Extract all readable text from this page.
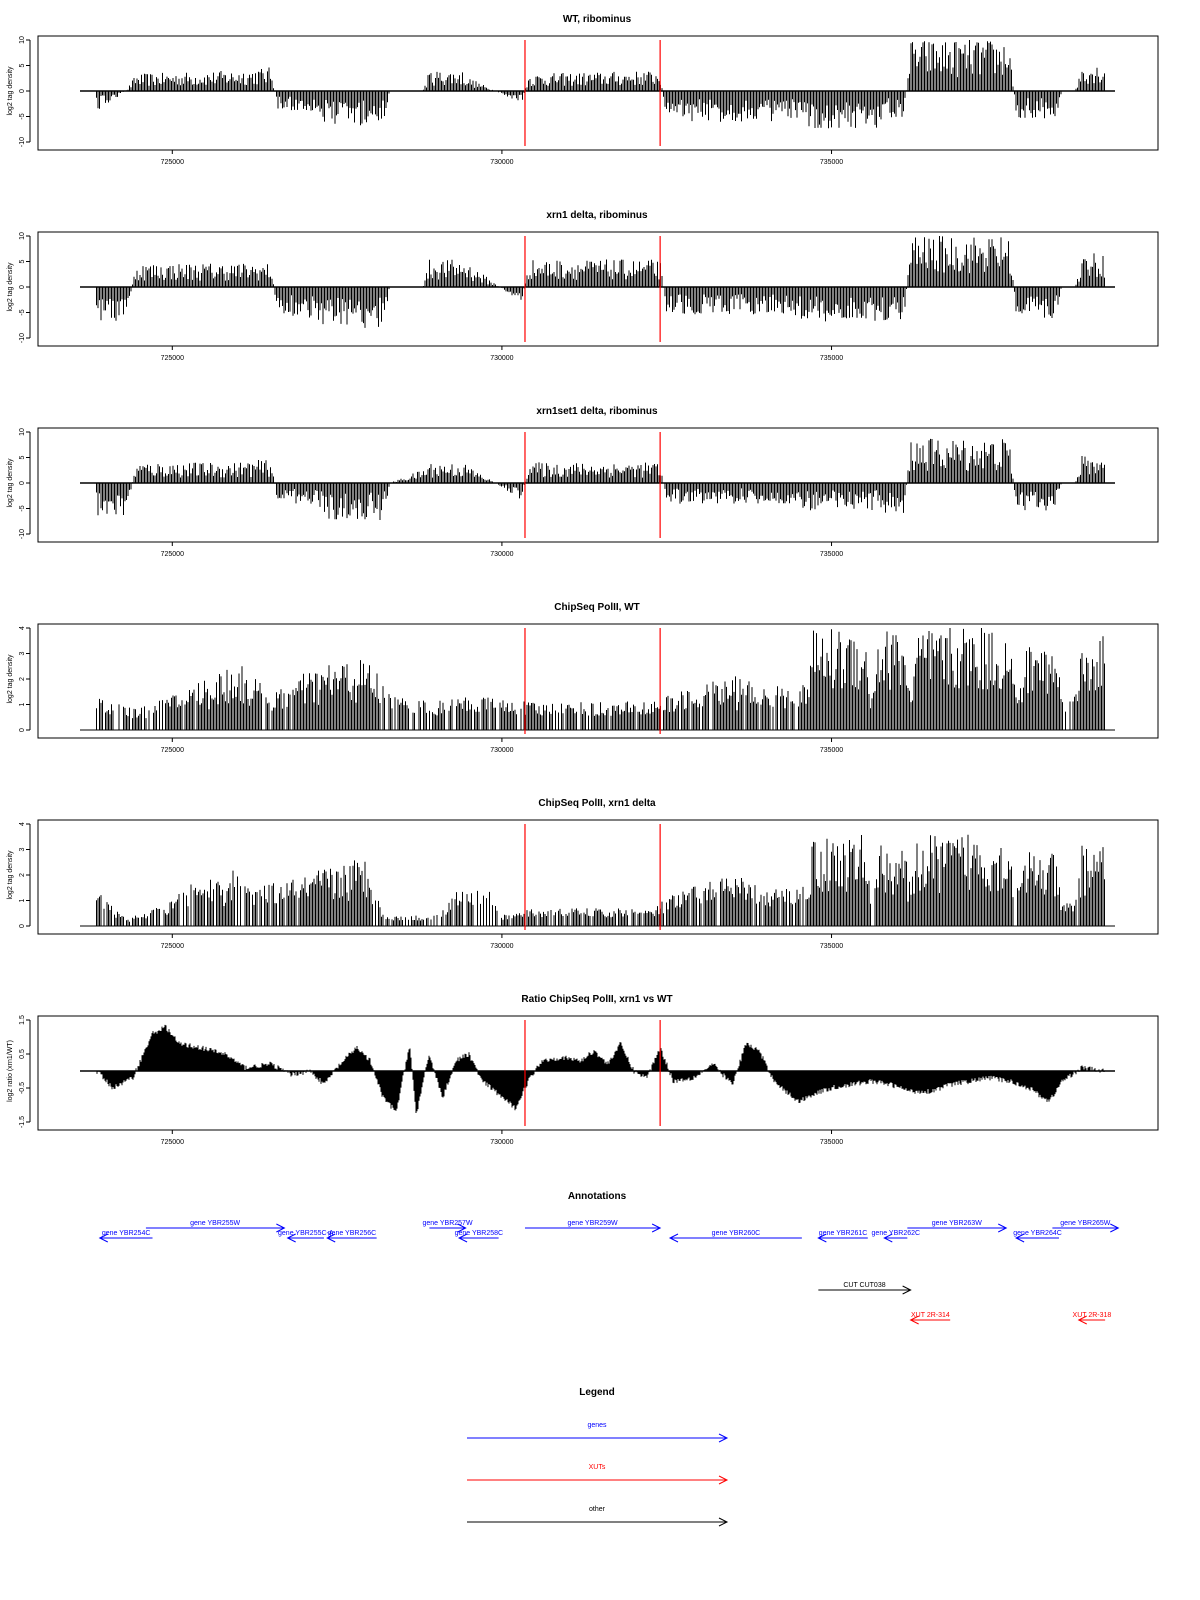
WT, ribominus
-10
-5
0
5
10
log2 tag density
725000	730000	735000
xrn1 delta, ribominus
-10
-5
0
5
10
log2 tag density
725000	730000	735000
xrn1set1 delta, ribominus
-10
-5
0
5
10
log2 tag density
725000	730000	735000
ChipSeq PolII, WT
0
1
2
3
4
log2 tag density
725000	730000	735000
ChipSeq PolII, xrn1 delta
0
1
2
3
4
log2 tag density
725000	730000	735000
Ratio ChipSeq PolII, xrn1 vs WT
-1.5
-0.5
0.5
1.5
log2 ratio (xrn1/WT)
725000	730000	735000
Annotations
gene YBR254C
gene YBR255W
gene YBR255C-A
gene YBR256C
gene YBR257W
gene YBR258C
gene YBR259W
gene YBR260C	gene YBR261C gene YBR262C
gene YBR263W
gene YBR264C
gene YBR265W
CUT CUT038
XUT 2R-314	XUT 2R-318
Legend
genes
XUTs
other
